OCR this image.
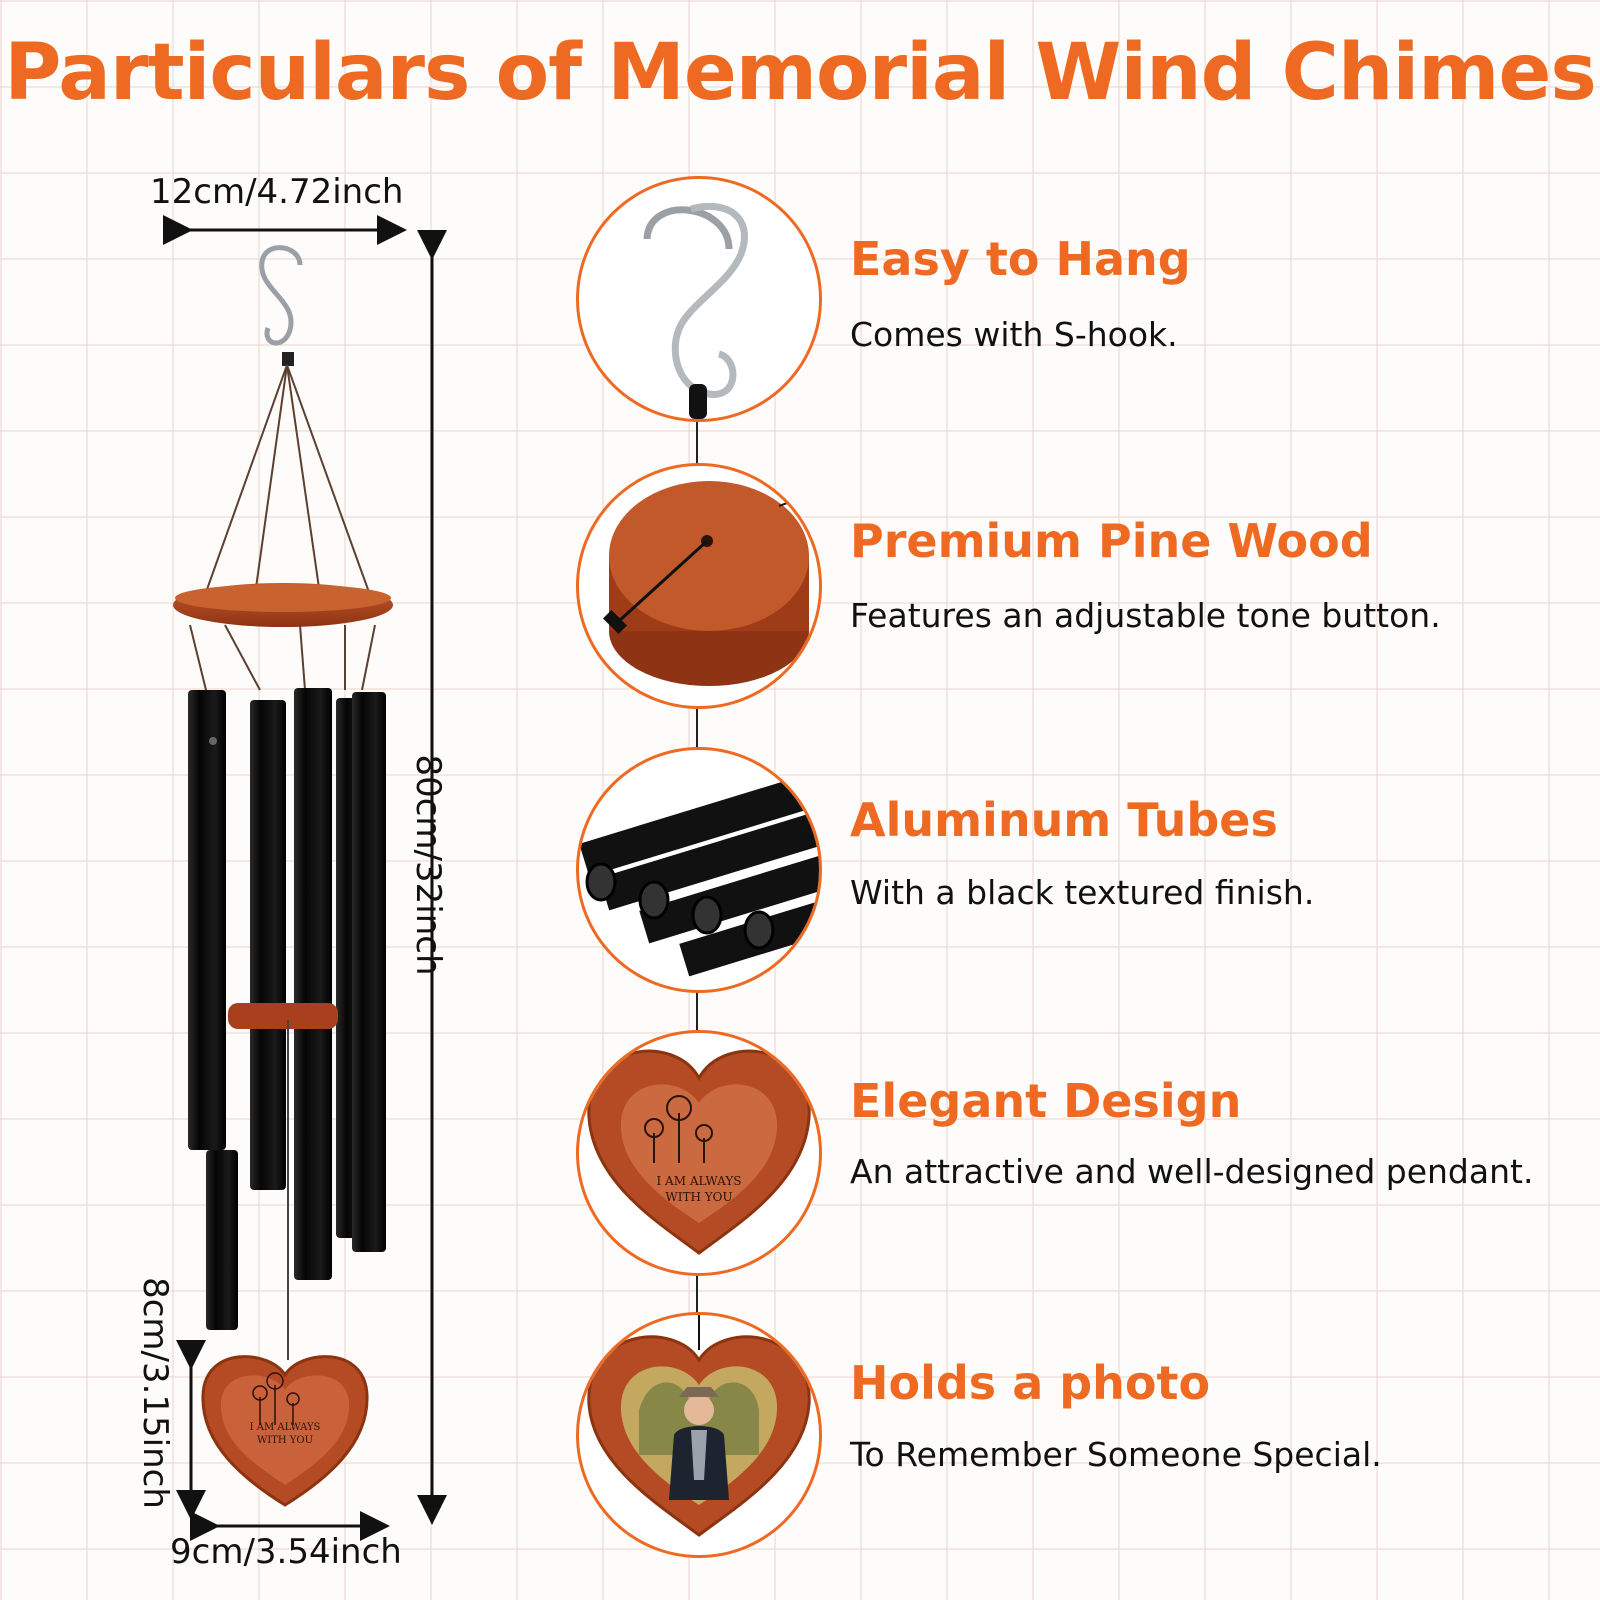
Particulars of Memorial Wind Chimes
12cm/4.72inch
80cm/32inch
8cm/3.15inch
9cm/3.54inch
I AM ALWAYS
WITH YOU
Easy to Hang
Comes with S-hook.
Premium Pine Wood
Features an adjustable tone button.
Aluminum Tubes
With a black textured finish.
I AM ALWAYS
WITH YOU
Elegant Design
An attractive and well-designed pendant.
Holds a photo
To Remember Someone Special.
